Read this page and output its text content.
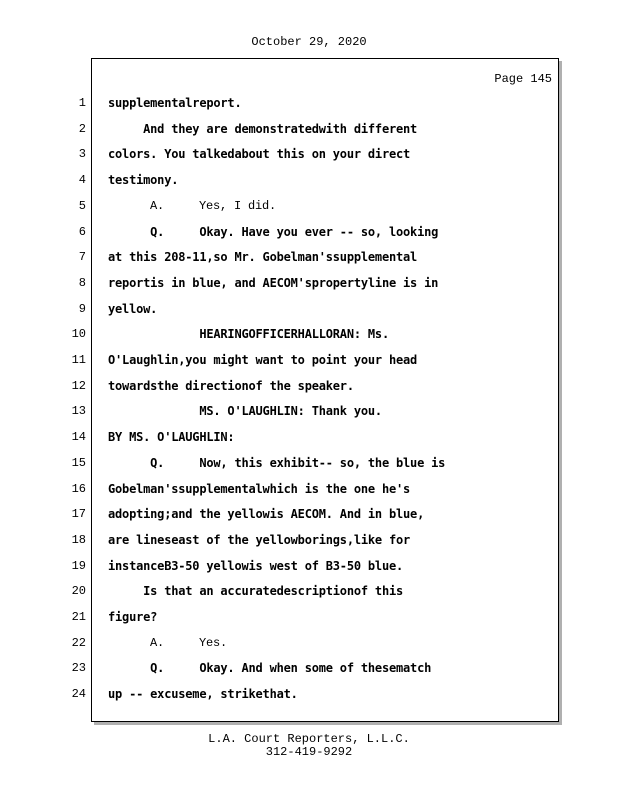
October 29, 2020
Page 145
1 supplementalreport.
2 And they are demonstratedwith different
3 colors. You talkedabout this on your direct
4 testimony.
5 A.     Yes, I did.
6 Q.     Okay. Have you ever -- so, looking
7 at this 208-11,so Mr. Gobelman'ssupplemental
8 reportis in blue, and AECOM'spropertyline is in
9 yellow.
10 HEARINGOFFICERHALLORAN: Ms.
11 O'Laughlin,you might want to point your head
12 towardsthe directionof the speaker.
13 MS. O'LAUGHLIN: Thank you.
14 BY MS. O'LAUGHLIN:
15 Q.     Now, this exhibit-- so, the blue is
16 Gobelman'ssupplementalwhich is the one he's
17 adopting;and the yellowis AECOM. And in blue,
18 are lineseast of the yellowborings,like for
19 instanceB3-50 yellowis west of B3-50 blue.
20 Is that an accuratedescriptionof this
21 figure?
22 A.     Yes.
23 Q.     Okay. And when some of thesematch
24 up -- excuseme, strikethat.
L.A. Court Reporters, L.L.C.
312-419-9292
